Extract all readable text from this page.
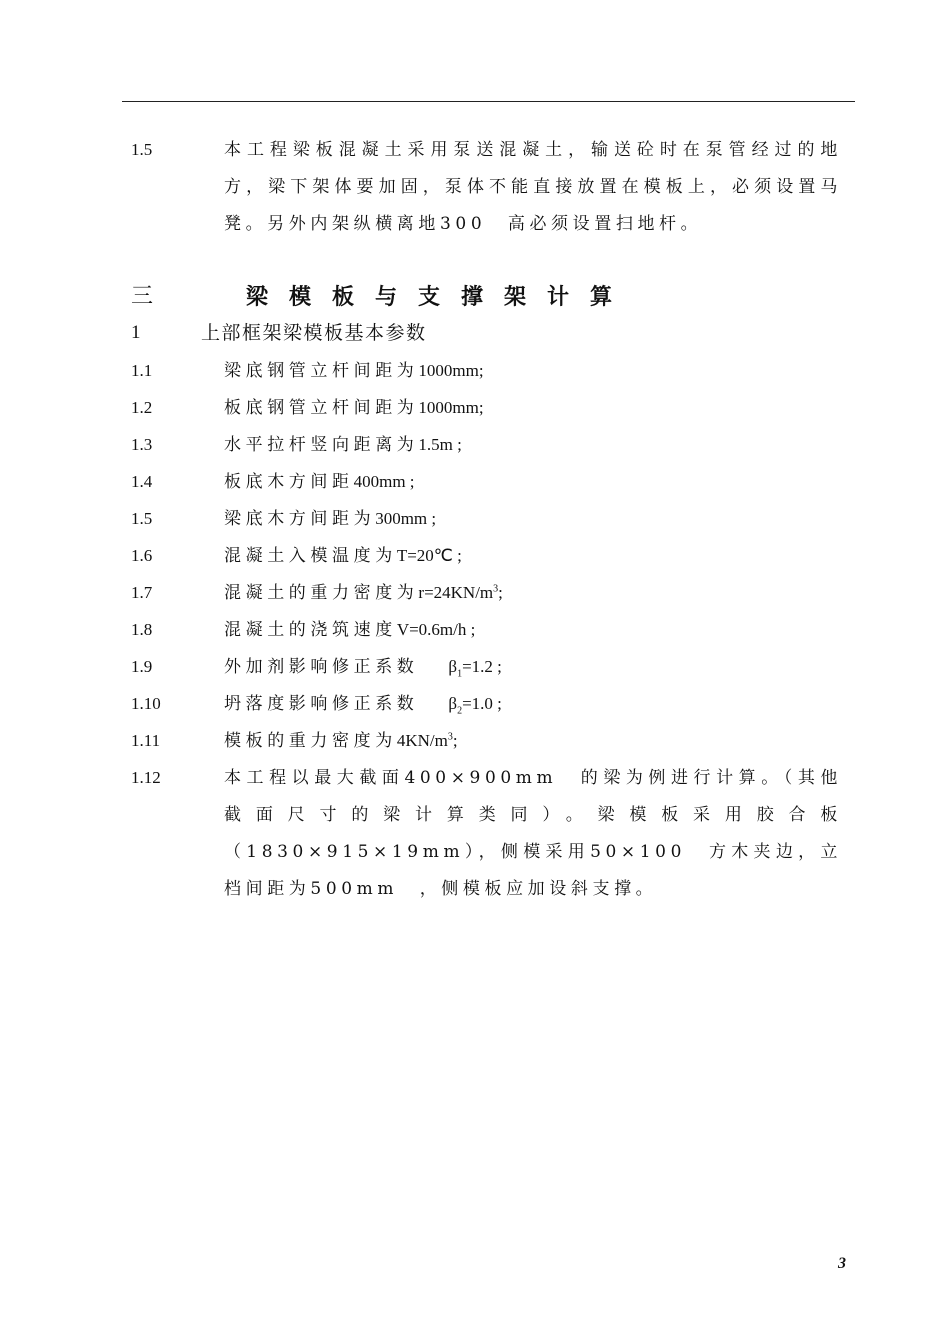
1.5	本工程梁板混凝土采用泵送混凝土，输送砼时在泵管经过的地方，梁下架体要加固，泵体不能直接放置在模板上，必须设置马凳。另外内架纵横离地300　高必须设置扫地杆。
三	梁模板与支撑架计算
1	上部框架梁模板基本参数
1.1	梁底钢管立杆间距为1000mm;
1.2	板底钢管立杆间距为1000mm;
1.3	水平拉杆竖向距离为1.5m ;
1.4	板底木方间距400mm ;
1.5	梁底木方间距为300mm ;
1.6	混凝土入模温度为T=20℃ ;
1.7	混凝土的重力密度为$r=24KN/m^3$;
1.8	混凝土的浇筑速度V=0.6m/h ;
1.9	外加剂影响修正系数 $\beta_1=1.2$ ;
1.10	坍落度影响修正系数 $\beta_2=1.0$ ;
1.11	模板的重力密度为$4KN/m^3$;
1.12	本工程以最大截面400×900mm　的梁为例进行计算。（其他截面尺寸的梁计算类同）。梁模板采用胶合板（1830×915×19mm），侧模采用50×100　方木夹边，立档间距为500mm　，侧模板应加设斜支撑。
3
